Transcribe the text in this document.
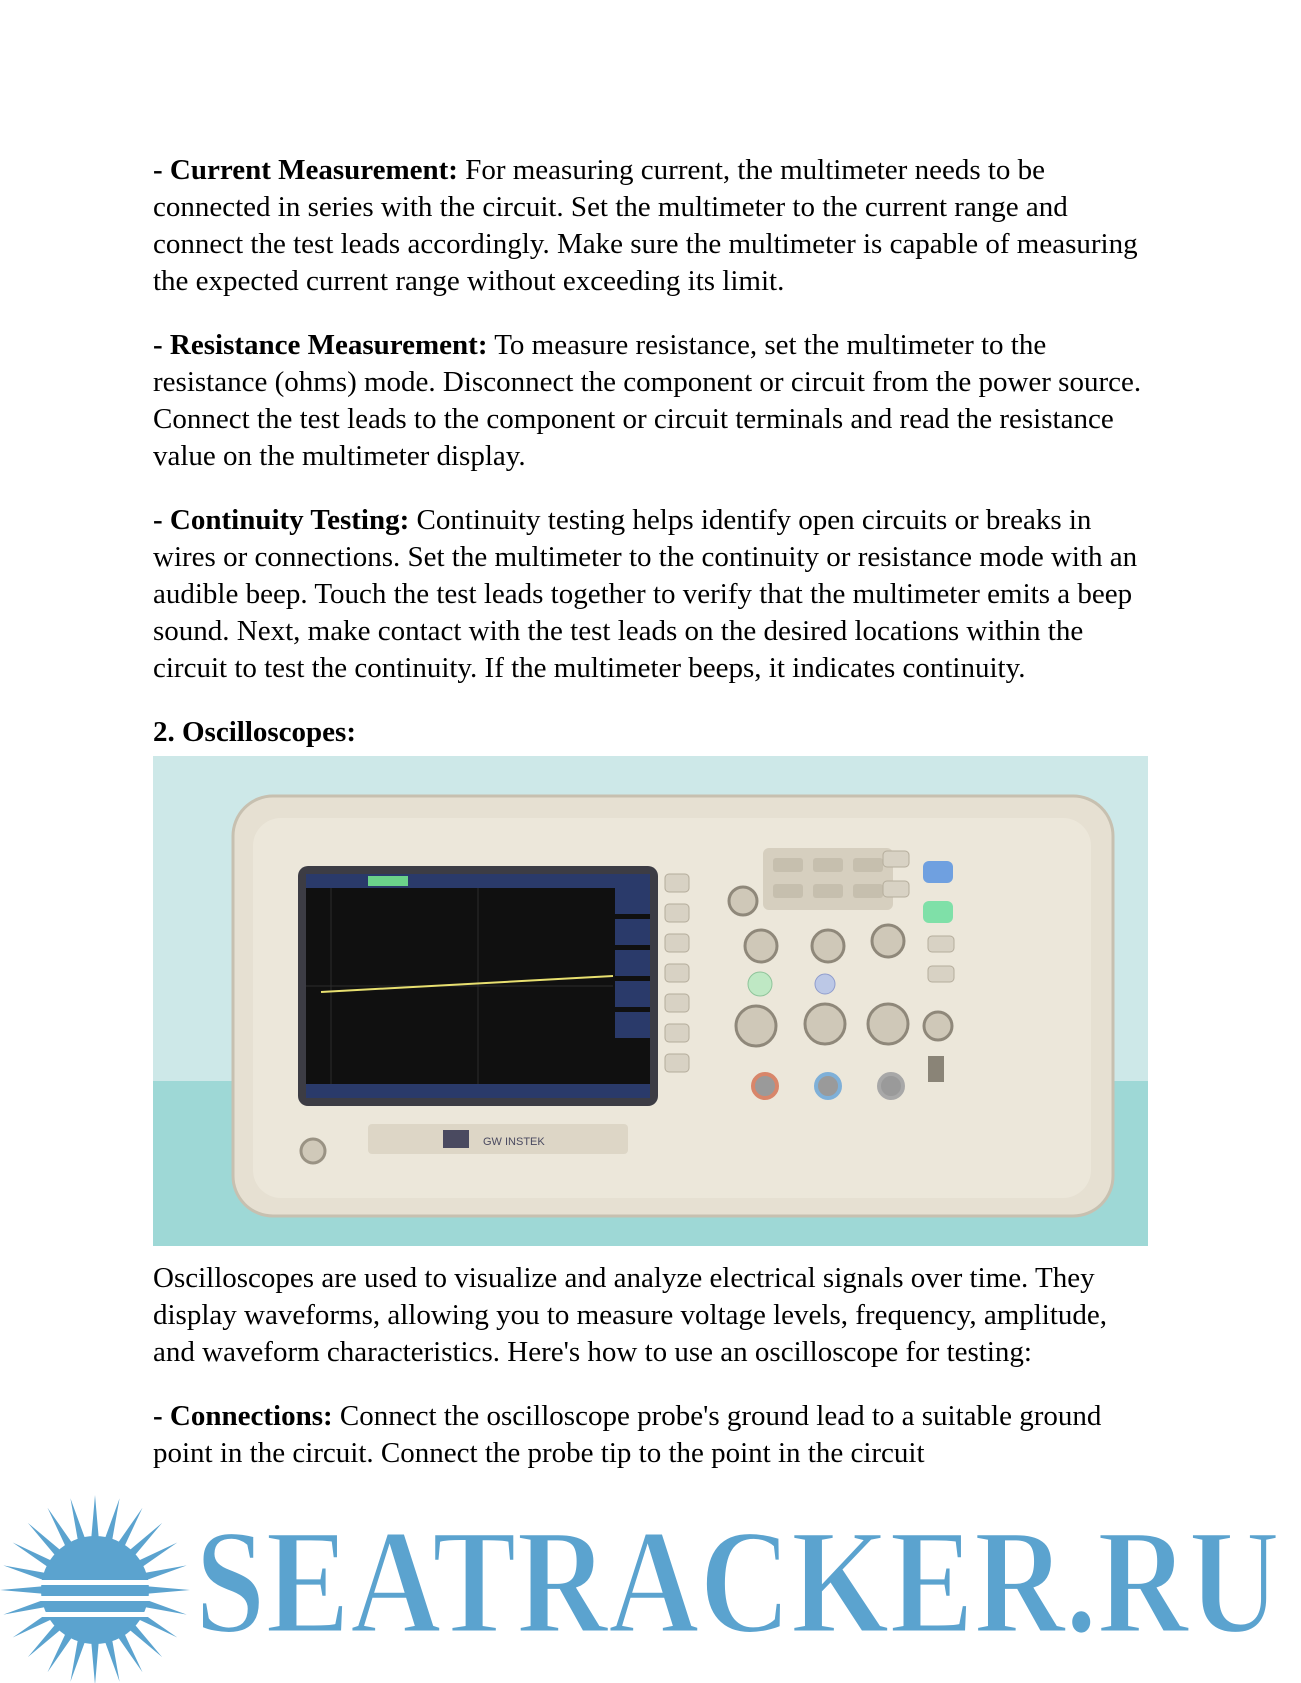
- Current Measurement: For measuring current, the multimeter needs to be connected in series with the circuit. Set the multimeter to the current range and connect the test leads accordingly. Make sure the multimeter is capable of measuring the expected current range without exceeding its limit.

- Resistance Measurement: To measure resistance, set the multimeter to the resistance (ohms) mode. Disconnect the component or circuit from the power source. Connect the test leads to the component or circuit terminals and read the resistance value on the multimeter display.

- Continuity Testing: Continuity testing helps identify open circuits or breaks in wires or connections. Set the multimeter to the continuity or resistance mode with an audible beep. Touch the test leads together to verify that the multimeter emits a beep sound. Next, make contact with the test leads on the desired locations within the circuit to test the continuity. If the multimeter beeps, it indicates continuity.

2. Oscilloscopes:
GW INSTEK

Oscilloscopes are used to visualize and analyze electrical signals over time. They display waveforms, allowing you to measure voltage levels, frequency, amplitude, and waveform characteristics. Here's how to use an oscilloscope for testing:

- Connections: Connect the oscilloscope probe's ground lead to a suitable ground point in the circuit. Connect the probe tip to the point in the circuit

SEATRACKER.RU
